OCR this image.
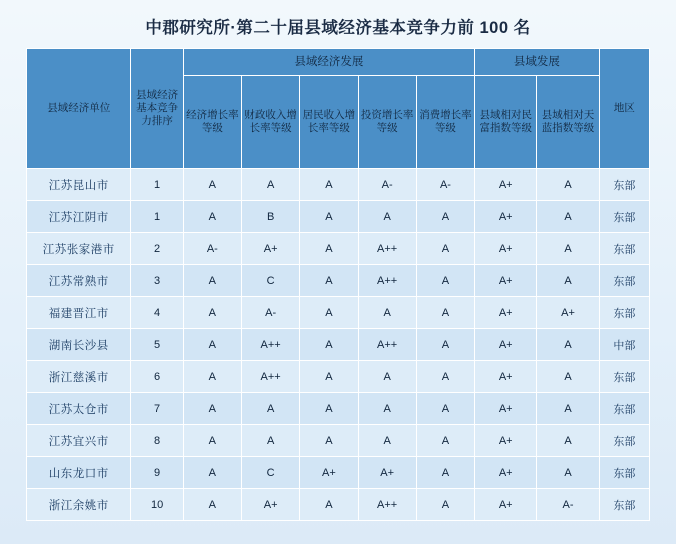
中郡研究所·第二十届县域经济基本竞争力前 100 名
县域经济单位	县域经济基本竞争力排序	县域经济发展					县域发展		地区
		经济增长率等级	财政收入增长率等级	居民收入增长率等级	投资增长率等级	消费增长率等级	县域相对民富指数等级	县域相对天蓝指数等级	
江苏昆山市	1	A	A	A	A-	A-	A+	A	东部
江苏江阴市	1	A	B	A	A	A	A+	A	东部
江苏张家港市	2	A-	A+	A	A++	A	A+	A	东部
江苏常熟市	3	A	C	A	A++	A	A+	A	东部
福建晋江市	4	A	A-	A	A	A	A+	A+	东部
湖南长沙县	5	A	A++	A	A++	A	A+	A	中部
浙江慈溪市	6	A	A++	A	A	A	A+	A	东部
江苏太仓市	7	A	A	A	A	A	A+	A	东部
江苏宜兴市	8	A	A	A	A	A	A+	A	东部
山东龙口市	9	A	C	A+	A+	A	A+	A	东部
浙江余姚市	10	A	A+	A	A++	A	A+	A-	东部
